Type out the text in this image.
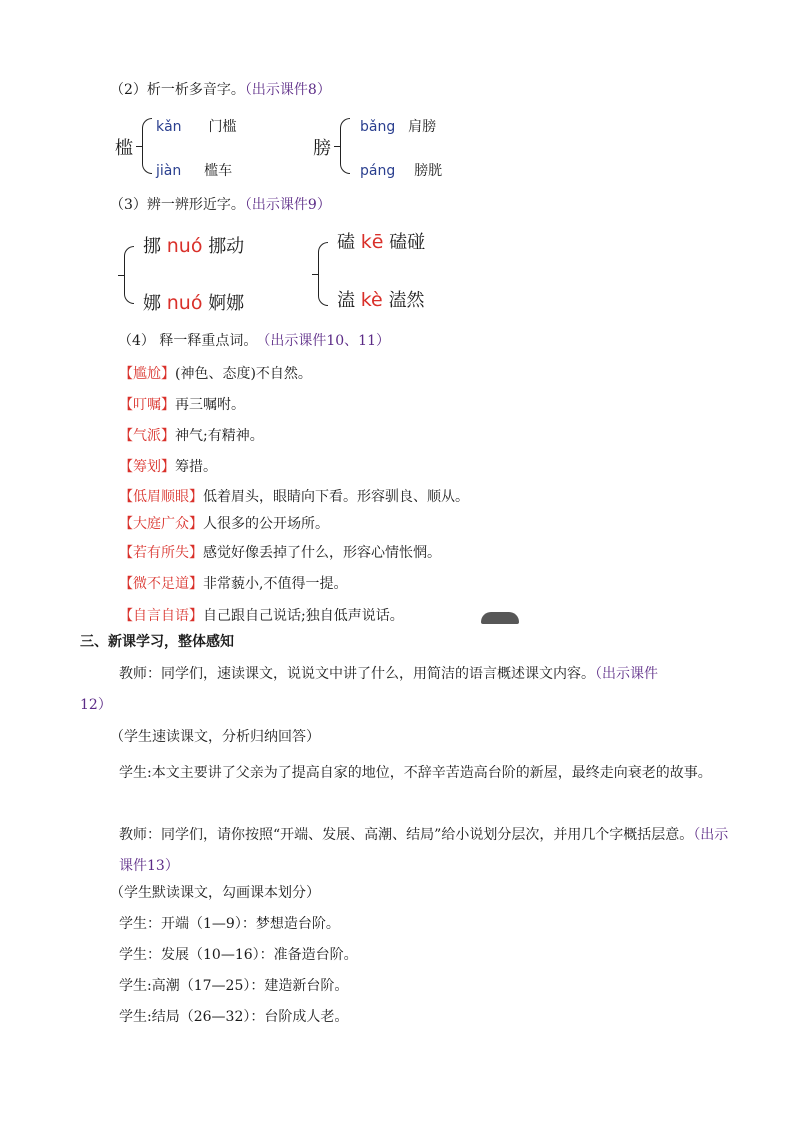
（2）析一析多音字。（出示课件8）
槛
kǎn 门槛
jiàn 槛车
膀
bǎng 肩膀
páng 膀胱
（3）辨一辨形近字。（出示课件9）
挪 nuó 挪动
娜 nuó 婀娜
磕 kē 磕碰
溘 kè 溘然
（4） 释一释重点词。 （出示课件10、11）
【尴尬】(神色、态度)不自然。
【叮嘱】再三嘱咐。
【气派】神气;有精神。
【筹划】筹措。
【低眉顺眼】低着眉头，眼睛向下看。形容驯良、顺从。
【大庭广众】人很多的公开场所。
【若有所失】感觉好像丢掉了什么，形容心情怅惘。
【微不足道】非常藐小,不值得一提。
【自言自语】自己跟自己说话;独自低声说话。
三、新课学习，整体感知
教师：同学们，速读课文，说说文中讲了什么，用简洁的语言概述课文内容。（出示课件
12）
（学生速读课文，分析归纳回答）
学生:本文主要讲了父亲为了提高自家的地位，不辞辛苦造高台阶的新屋，最终走向衰老的故事。
教师：同学们，请你按照“开端、发展、高潮、结局”给小说划分层次，并用几个字概括层意。（出示课件13）
（学生默读课文，勾画课本划分）
学生：开端（1—9）：梦想造台阶。
学生：发展（10—16）：准备造台阶。
学生:高潮（17—25）：建造新台阶。
学生:结局（26—32）：台阶成人老。
